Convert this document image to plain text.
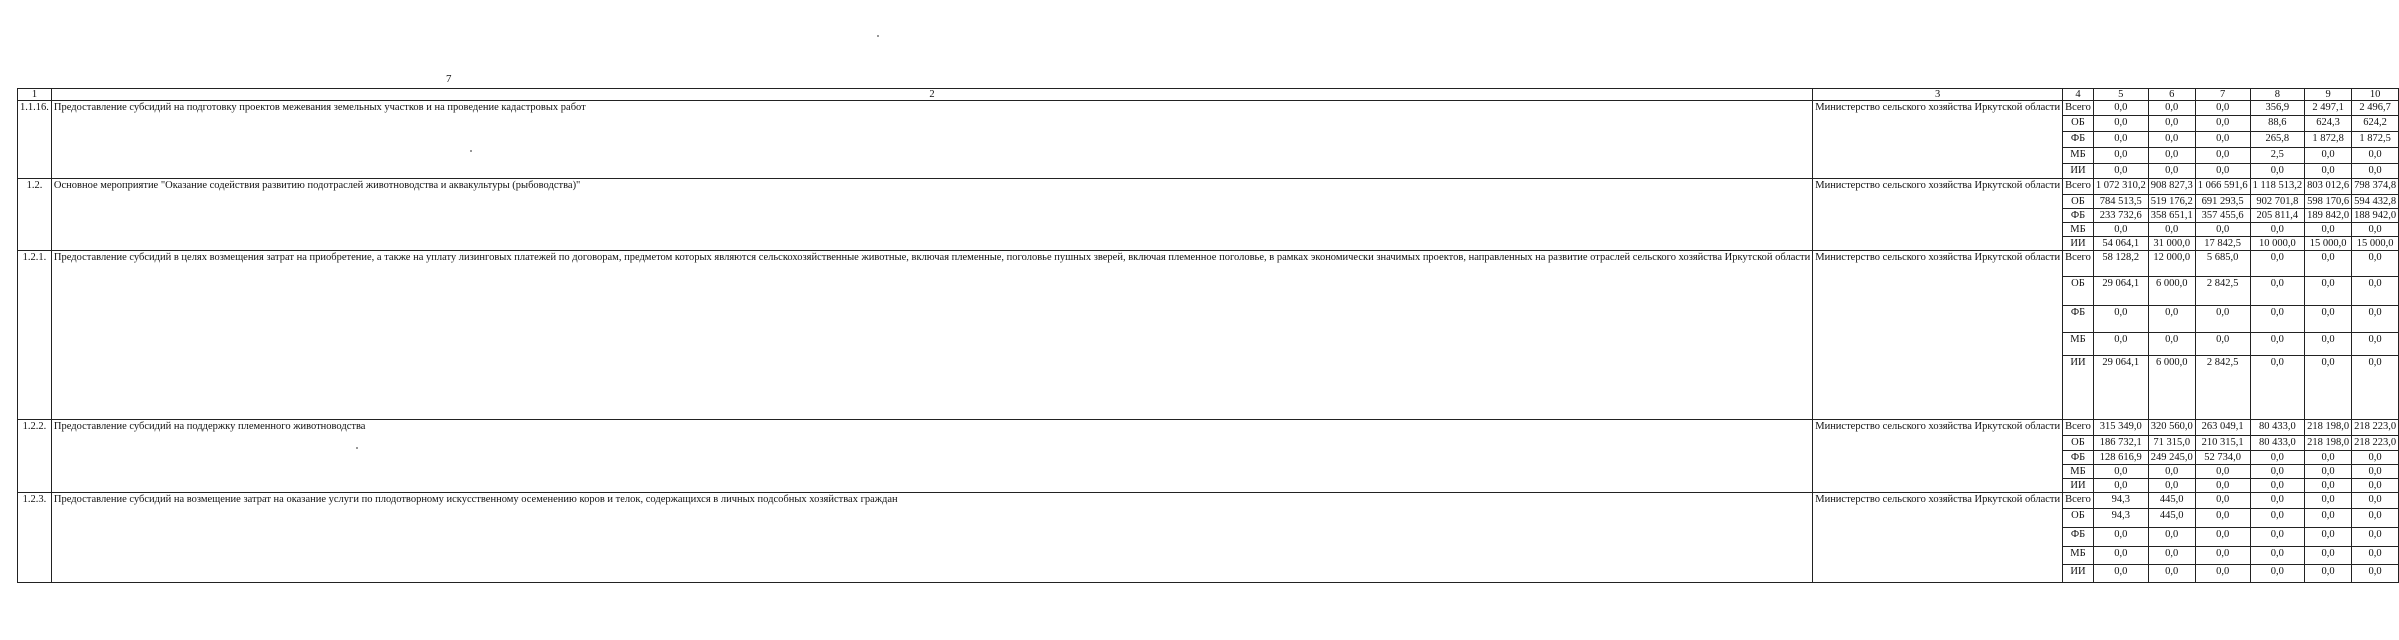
7
1	2	3	4	5	6	7	8	9	10
1.1.16.	Предоставление субсидий на подготовку проектов межевания земельных участков и на проведение кадастровых работ	Министерство сельского хозяйства Иркутской области	Всего	0,0	0,0	0,0	356,9	2 497,1	2 496,7
			ОБ	0,0	0,0	0,0	88,6	624,3	624,2
			ФБ	0,0	0,0	0,0	265,8	1 872,8	1 872,5
			МБ	0,0	0,0	0,0	2,5	0,0	0,0
			ИИ	0,0	0,0	0,0	0,0	0,0	0,0
1.2.	Основное мероприятие "Оказание содействия развитию подотраслей животноводства и аквакультуры (рыбоводства)"	Министерство сельского хозяйства Иркутской области	Всего	1 072 310,2	908 827,3	1 066 591,6	1 118 513,2	803 012,6	798 374,8
			ОБ	784 513,5	519 176,2	691 293,5	902 701,8	598 170,6	594 432,8
			ФБ	233 732,6	358 651,1	357 455,6	205 811,4	189 842,0	188 942,0
			МБ	0,0	0,0	0,0	0,0	0,0	0,0
			ИИ	54 064,1	31 000,0	17 842,5	10 000,0	15 000,0	15 000,0
1.2.1.	Предоставление субсидий в целях возмещения затрат на приобретение, а также на уплату лизинговых платежей по договорам, предметом которых являются сельскохозяйственные животные, включая племенные, поголовье пушных зверей, включая племенное поголовье, в рамках экономически значимых проектов, направленных на развитие отраслей сельского хозяйства Иркутской области	Министерство сельского хозяйства Иркутской области	Всего	58 128,2	12 000,0	5 685,0	0,0	0,0	0,0
			ОБ	29 064,1	6 000,0	2 842,5	0,0	0,0	0,0
			ФБ	0,0	0,0	0,0	0,0	0,0	0,0
			МБ	0,0	0,0	0,0	0,0	0,0	0,0
			ИИ	29 064,1	6 000,0	2 842,5	0,0	0,0	0,0
1.2.2.	Предоставление субсидий на поддержку племенного животноводства	Министерство сельского хозяйства Иркутской области	Всего	315 349,0	320 560,0	263 049,1	80 433,0	218 198,0	218 223,0
			ОБ	186 732,1	71 315,0	210 315,1	80 433,0	218 198,0	218 223,0
			ФБ	128 616,9	249 245,0	52 734,0	0,0	0,0	0,0
			МБ	0,0	0,0	0,0	0,0	0,0	0,0
			ИИ	0,0	0,0	0,0	0,0	0,0	0,0
1.2.3.	Предоставление субсидий на возмещение затрат на оказание услуги по плодотворному искусственному осеменению коров и телок, содержащихся в личных подсобных хозяйствах граждан	Министерство сельского хозяйства Иркутской области	Всего	94,3	445,0	0,0	0,0	0,0	0,0
			ОБ	94,3	445,0	0,0	0,0	0,0	0,0
			ФБ	0,0	0,0	0,0	0,0	0,0	0,0
			МБ	0,0	0,0	0,0	0,0	0,0	0,0
			ИИ	0,0	0,0	0,0	0,0	0,0	0,0
